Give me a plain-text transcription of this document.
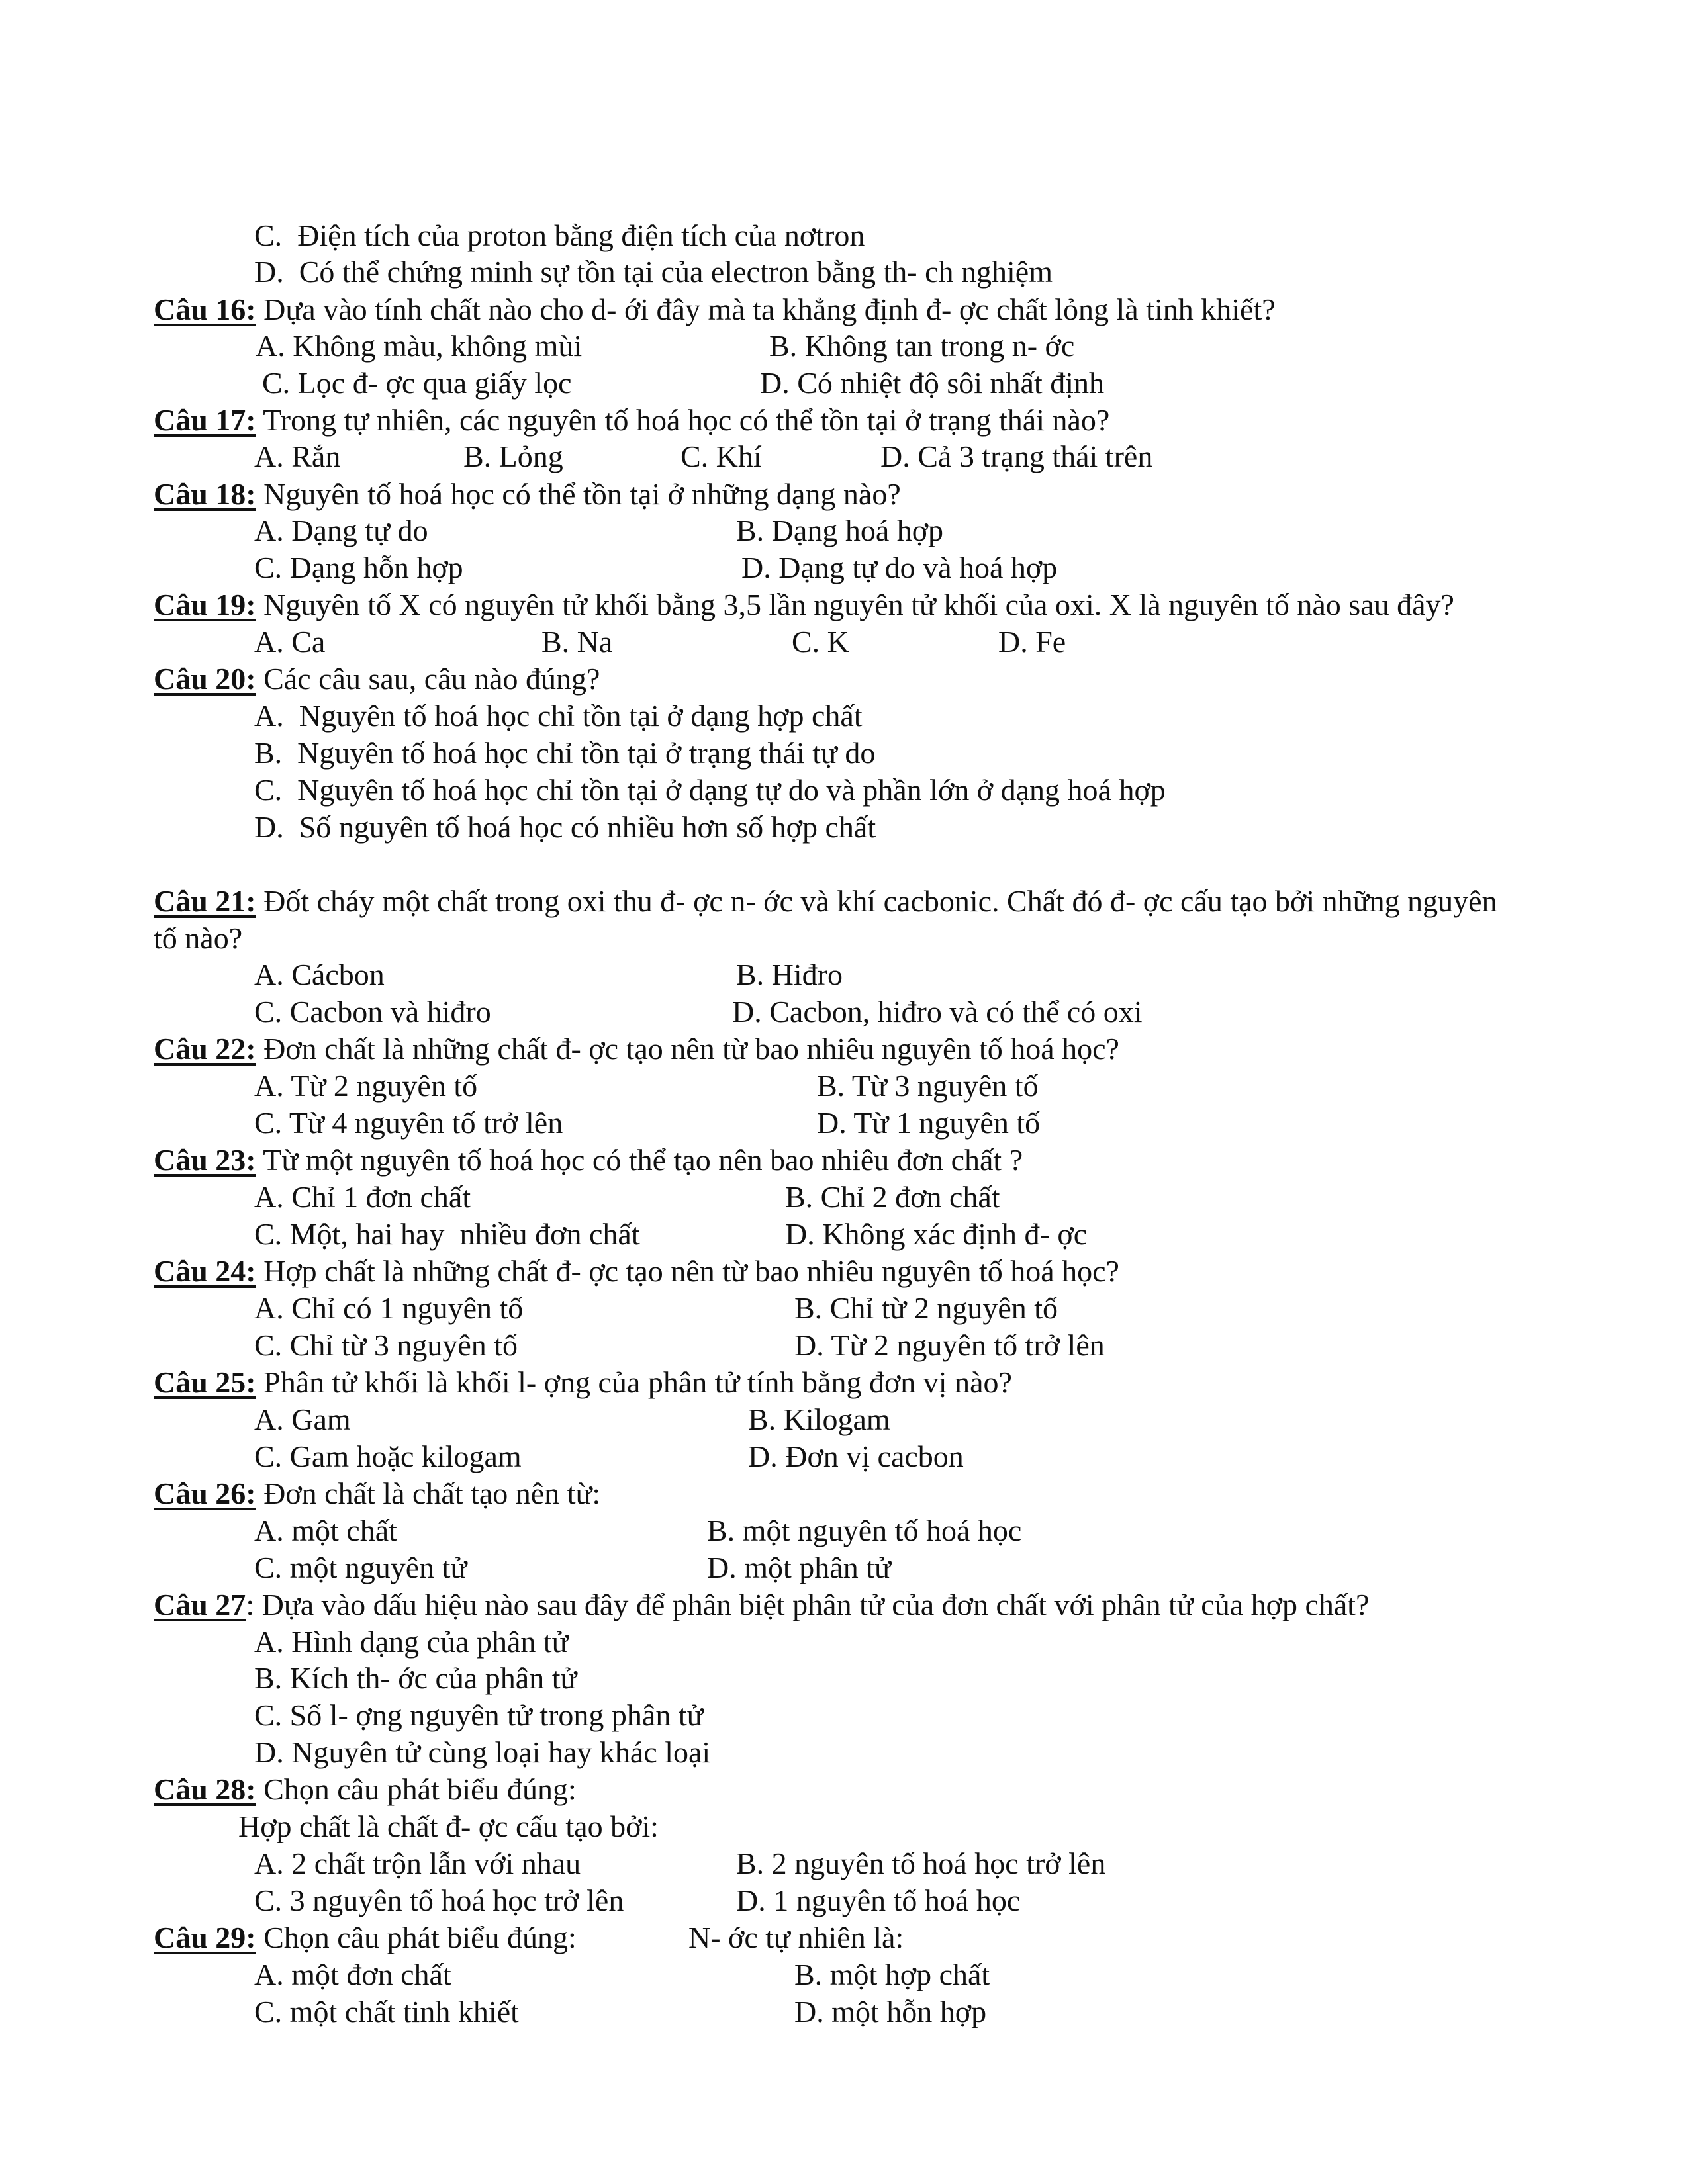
C.  Điện tích của proton bằng điện tích của nơtron
D.  Có thể chứng minh sự tồn tại của electron bằng th- ch nghiệm
Câu 16: Dựa vào tính chất nào cho d- ới đây mà ta khẳng định đ- ợc chất lỏng là tinh khiết?
A. Không màu, không mùi	B. Không tan trong n- ớc
C. Lọc đ- ợc qua giấy lọc	D. Có nhiệt độ sôi nhất định
Câu 17: Trong tự nhiên, các nguyên tố hoá học có thể tồn tại ở trạng thái nào?
A. Rắn	B. Lỏng	C. Khí	D. Cả 3 trạng thái trên
Câu 18: Nguyên tố hoá học có thể tồn tại ở những dạng nào?
A. Dạng tự do	B. Dạng hoá hợp
C. Dạng hỗn hợp	D. Dạng tự do và hoá hợp
Câu 19: Nguyên tố X có nguyên tử khối bằng 3,5 lần nguyên tử khối của oxi. X là nguyên tố nào sau đây?
A. Ca	B. Na	C. K	D. Fe
Câu 20: Các câu sau, câu nào đúng?
A.  Nguyên tố hoá học chỉ tồn tại ở dạng hợp chất
B.  Nguyên tố hoá học chỉ tồn tại ở trạng thái tự do
C.  Nguyên tố hoá học chỉ tồn tại ở dạng tự do và phần lớn ở dạng hoá hợp
D.  Số nguyên tố hoá học có nhiều hơn số hợp chất
Câu 21: Đốt cháy một chất trong oxi thu đ- ợc n- ớc và khí cacbonic. Chất đó đ- ợc cấu tạo bởi những nguyên
tố nào?
A. Cácbon	B. Hiđro
C. Cacbon và hiđro	D. Cacbon, hiđro và có thể có oxi
Câu 22: Đơn chất là những chất đ- ợc tạo nên từ bao nhiêu nguyên tố hoá học?
A. Từ 2 nguyên tố	B. Từ 3 nguyên tố
C. Từ 4 nguyên tố trở lên	D. Từ 1 nguyên tố
Câu 23: Từ một nguyên tố hoá học có thể tạo nên bao nhiêu đơn chất ?
A. Chỉ 1 đơn chất	B. Chỉ 2 đơn chất
C. Một, hai hay  nhiều đơn chất	D. Không xác định đ- ợc
Câu 24: Hợp chất là những chất đ- ợc tạo nên từ bao nhiêu nguyên tố hoá học?
A. Chỉ có 1 nguyên tố	B. Chỉ từ 2 nguyên tố
C. Chỉ từ 3 nguyên tố	D. Từ 2 nguyên tố trở lên
Câu 25: Phân tử khối là khối l- ợng của phân tử tính bằng đơn vị nào?
A. Gam	B. Kilogam
C. Gam hoặc kilogam	D. Đơn vị cacbon
Câu 26: Đơn chất là chất tạo nên từ:
A. một chất	B. một nguyên tố hoá học
C. một nguyên tử	D. một phân tử
Câu 27: Dựa vào dấu hiệu nào sau đây để phân biệt phân tử của đơn chất với phân tử của hợp chất?
A. Hình dạng của phân tử
B. Kích th- ớc của phân tử
C. Số l- ợng nguyên tử trong phân tử
D. Nguyên tử cùng loại hay khác loại
Câu 28: Chọn câu phát biểu đúng:
Hợp chất là chất đ- ợc cấu tạo bởi:
A. 2 chất trộn lẫn với nhau	B. 2 nguyên tố hoá học trở lên
C. 3 nguyên tố hoá học trở lên	D. 1 nguyên tố hoá học
Câu 29: Chọn câu phát biểu đúng:	N- ớc tự nhiên là:
A. một đơn chất	B. một hợp chất
C. một chất tinh khiết	D. một hỗn hợp
